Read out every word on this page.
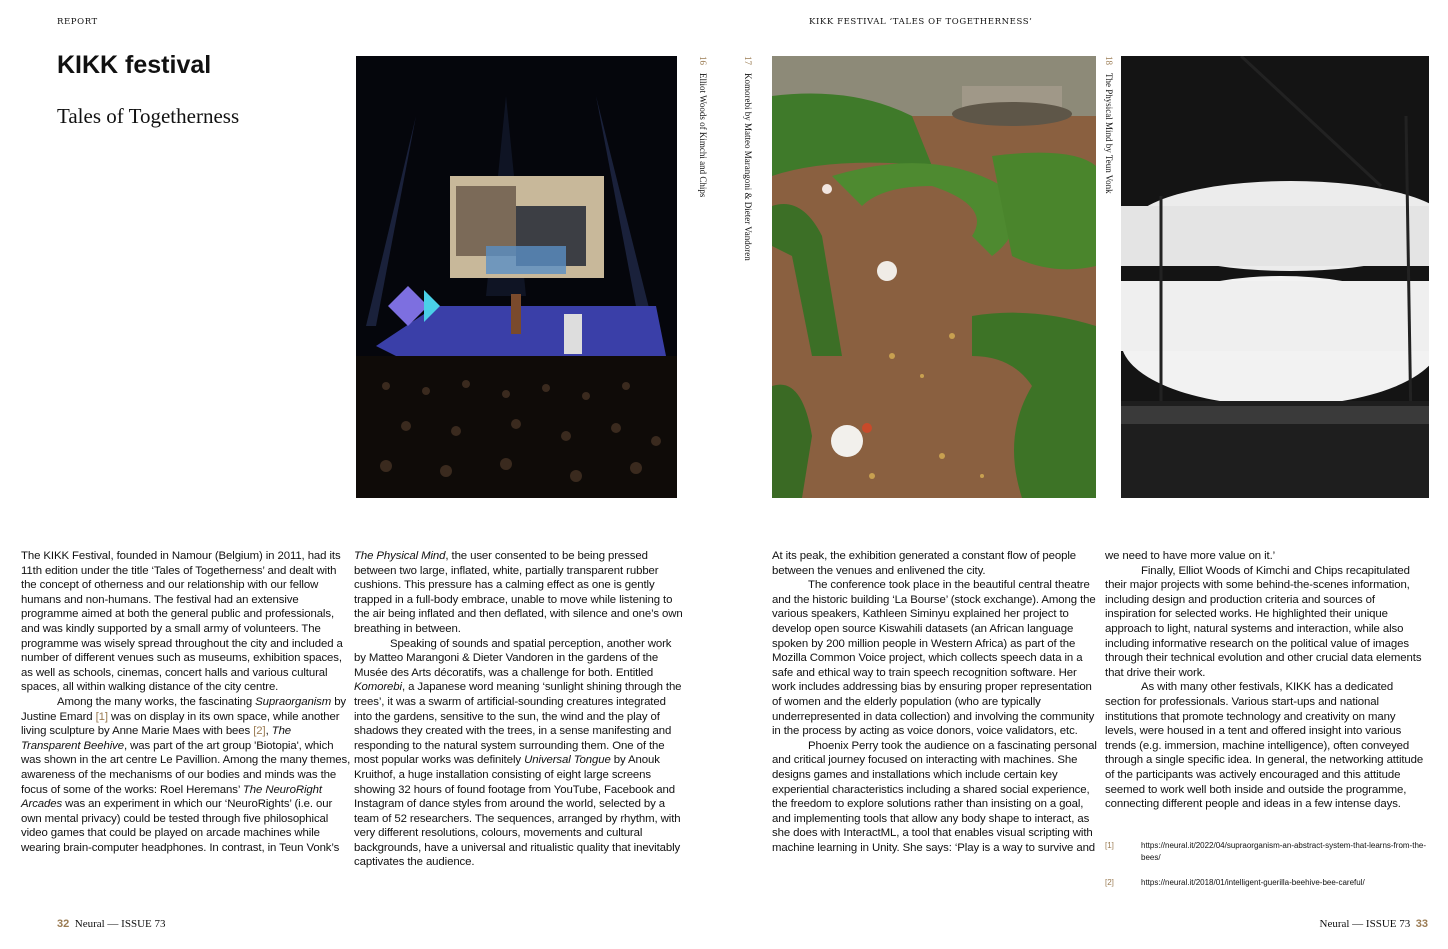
REPORT	KIKK FESTIVAL ‘TALES OF TOGETHERNESS’
KIKK festival
Tales of Togetherness
16Elliot Woods of Kimchi and Chips
17Komorebi by Matteo Marangoni & Dieter Vandoren
18The Physical Mind by Teun Vonk

The KIKK Festival, founded in Namour (Belgium) in 2011, had its 11th edition under the title ‘Tales of Togetherness’ and dealt with the concept of otherness and our relationship with our fellow humans and non-humans. The festival had an extensive programme aimed at both the general public and professionals, and was kindly supported by a small army of volunteers. The programme was wisely spread throughout the city and included a number of different venues such as museums, exhibition spaces, as well as schools, cinemas, concert halls and various cultural spaces, all within walking distance of the city centre.

Among the many works, the fascinating Supraorganism by Justine Emard [1] was on display in its own space, while another living sculpture by Anne Marie Maes with bees [2], The Transparent Beehive, was part of the art group 'Biotopia', which was shown in the art centre Le Pavillion. Among the many themes, awareness of the mechanisms of our bodies and minds was the focus of some of the works: Roel Heremans’ The NeuroRight Arcades was an experiment in which our ‘NeuroRights’ (i.e. our own mental privacy) could be tested through five philosophical video games that could be played on arcade machines while wearing brain-computer headphones. In contrast, in Teun Vonk’s

The Physical Mind, the user consented to be being pressed between two large, inflated, white, partially transparent rubber cushions. This pressure has a calming effect as one is gently trapped in a full-body embrace, unable to move while listening to the air being inflated and then deflated, with silence and one’s own breathing in between.

Speaking of sounds and spatial perception, another work by Matteo Marangoni & Dieter Vandoren in the gardens of the Musée des Arts décoratifs, was a challenge for both. Entitled Komorebi, a Japanese word meaning ‘sunlight shining through the trees’, it was a swarm of artificial-sounding creatures integrated into the gardens, sensitive to the sun, the wind and the play of shadows they created with the trees, in a sense manifesting and responding to the natural system surrounding them. One of the most popular works was definitely Universal Tongue by Anouk Kruithof, a huge installation consisting of eight large screens showing 32 hours of found footage from YouTube, Facebook and Instagram of dance styles from around the world, selected by a team of 52 researchers. The sequences, arranged by rhythm, with very different resolutions, colours, movements and cultural backgrounds, have a universal and ritualistic quality that inevitably captivates the audience.

At its peak, the exhibition generated a constant flow of people between the venues and enlivened the city.

The conference took place in the beautiful central theatre and the historic building ‘La Bourse’ (stock exchange). Among the various speakers, Kathleen Siminyu explained her project to develop open source Kiswahili datasets (an African language spoken by 200 million people in Western Africa) as part of the Mozilla Common Voice project, which collects speech data in a safe and ethical way to train speech recognition software. Her work includes addressing bias by ensuring proper representation of women and the elderly population (who are typically underrepresented in data collection) and involving the community in the process by acting as voice donors, voice validators, etc.

Phoenix Perry took the audience on a fascinating personal and critical journey focused on interacting with machines. She designs games and installations which include certain key experiential characteristics including a shared social experience, the freedom to explore solutions rather than insisting on a goal, and implementing tools that allow any body shape to interact, as she does with InteractML, a tool that enables visual scripting with machine learning in Unity. She says: ‘Play is a way to survive and

we need to have more value on it.’

Finally, Elliot Woods of Kimchi and Chips recapitulated their major projects with some behind-the-scenes information, including design and production criteria and sources of inspiration for selected works. He highlighted their unique approach to light, natural systems and interaction, while also including informative research on the political value of images through their technical evolution and other crucial data elements that drive their work.

As with many other festivals, KIKK has a dedicated section for professionals. Various start-ups and national institutions that promote technology and creativity on many levels, were housed in a tent and offered insight into various trends (e.g. immersion, machine intelligence), often conveyed through a single specific idea. In general, the networking attitude of the participants was actively encouraged and this attitude seemed to work well both inside and outside the programme, connecting different people and ideas in a few intense days.

[1]	https://neural.it/2022/04/supraorganism-an-abstract-system-that-learns-from-the-bees/
[2]	https://neural.it/2018/01/intelligent-guerilla-beehive-bee-careful/
32 Neural — ISSUE 73	Neural — ISSUE 73 33
